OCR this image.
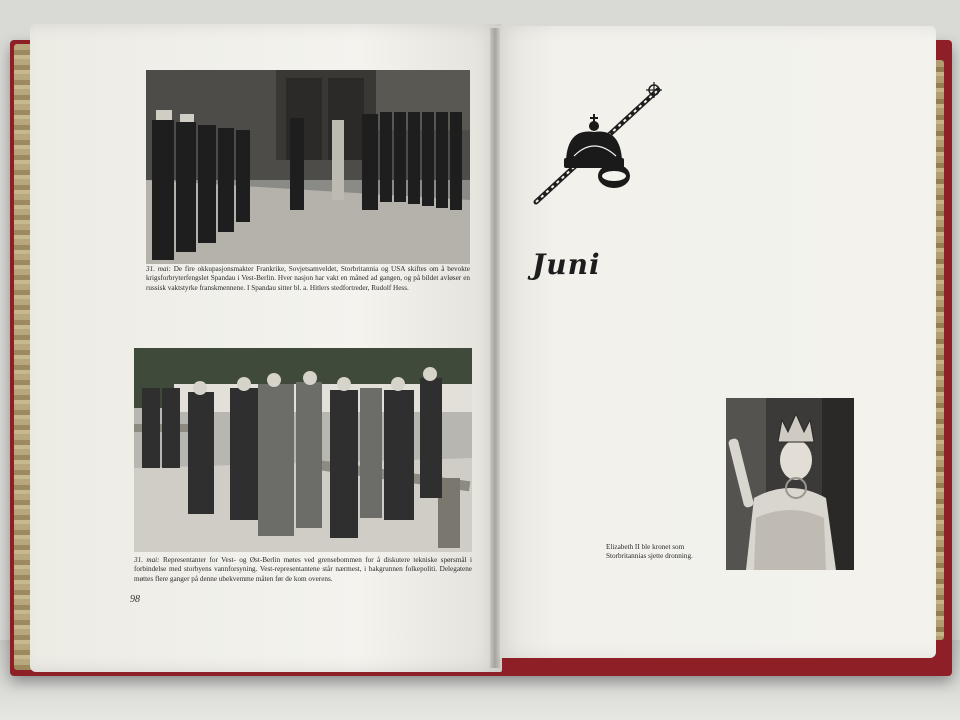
31. mai: De fire okkupasjonsmakter Frankrike, Sovjetsamveldet, Storbritannia og USA skiftes om å bevokte krigsforbryterfengslet Spandau i Vest-Berlin. Hver nasjon har vakt en måned ad gangen, og på bildet avløser en russisk vaktstyrke franskmennene. I Spandau sitter bl. a. Hitlers stedfortreder, Rudolf Hess.
31. mai: Representanter for Vest- og Øst-Berlin møtes ved grensebommen for å diskutere tekniske spørsmål i forbindelse med storbyens vannforsyning. Vest-representantene står nærmest, i bakgrunnen folkepoliti. Delegatene møttes flere ganger på denne ubekvemme måten før de kom overens.
98
Juni
Elizabeth II ble kronet som Storbritannias sjette dronning.
